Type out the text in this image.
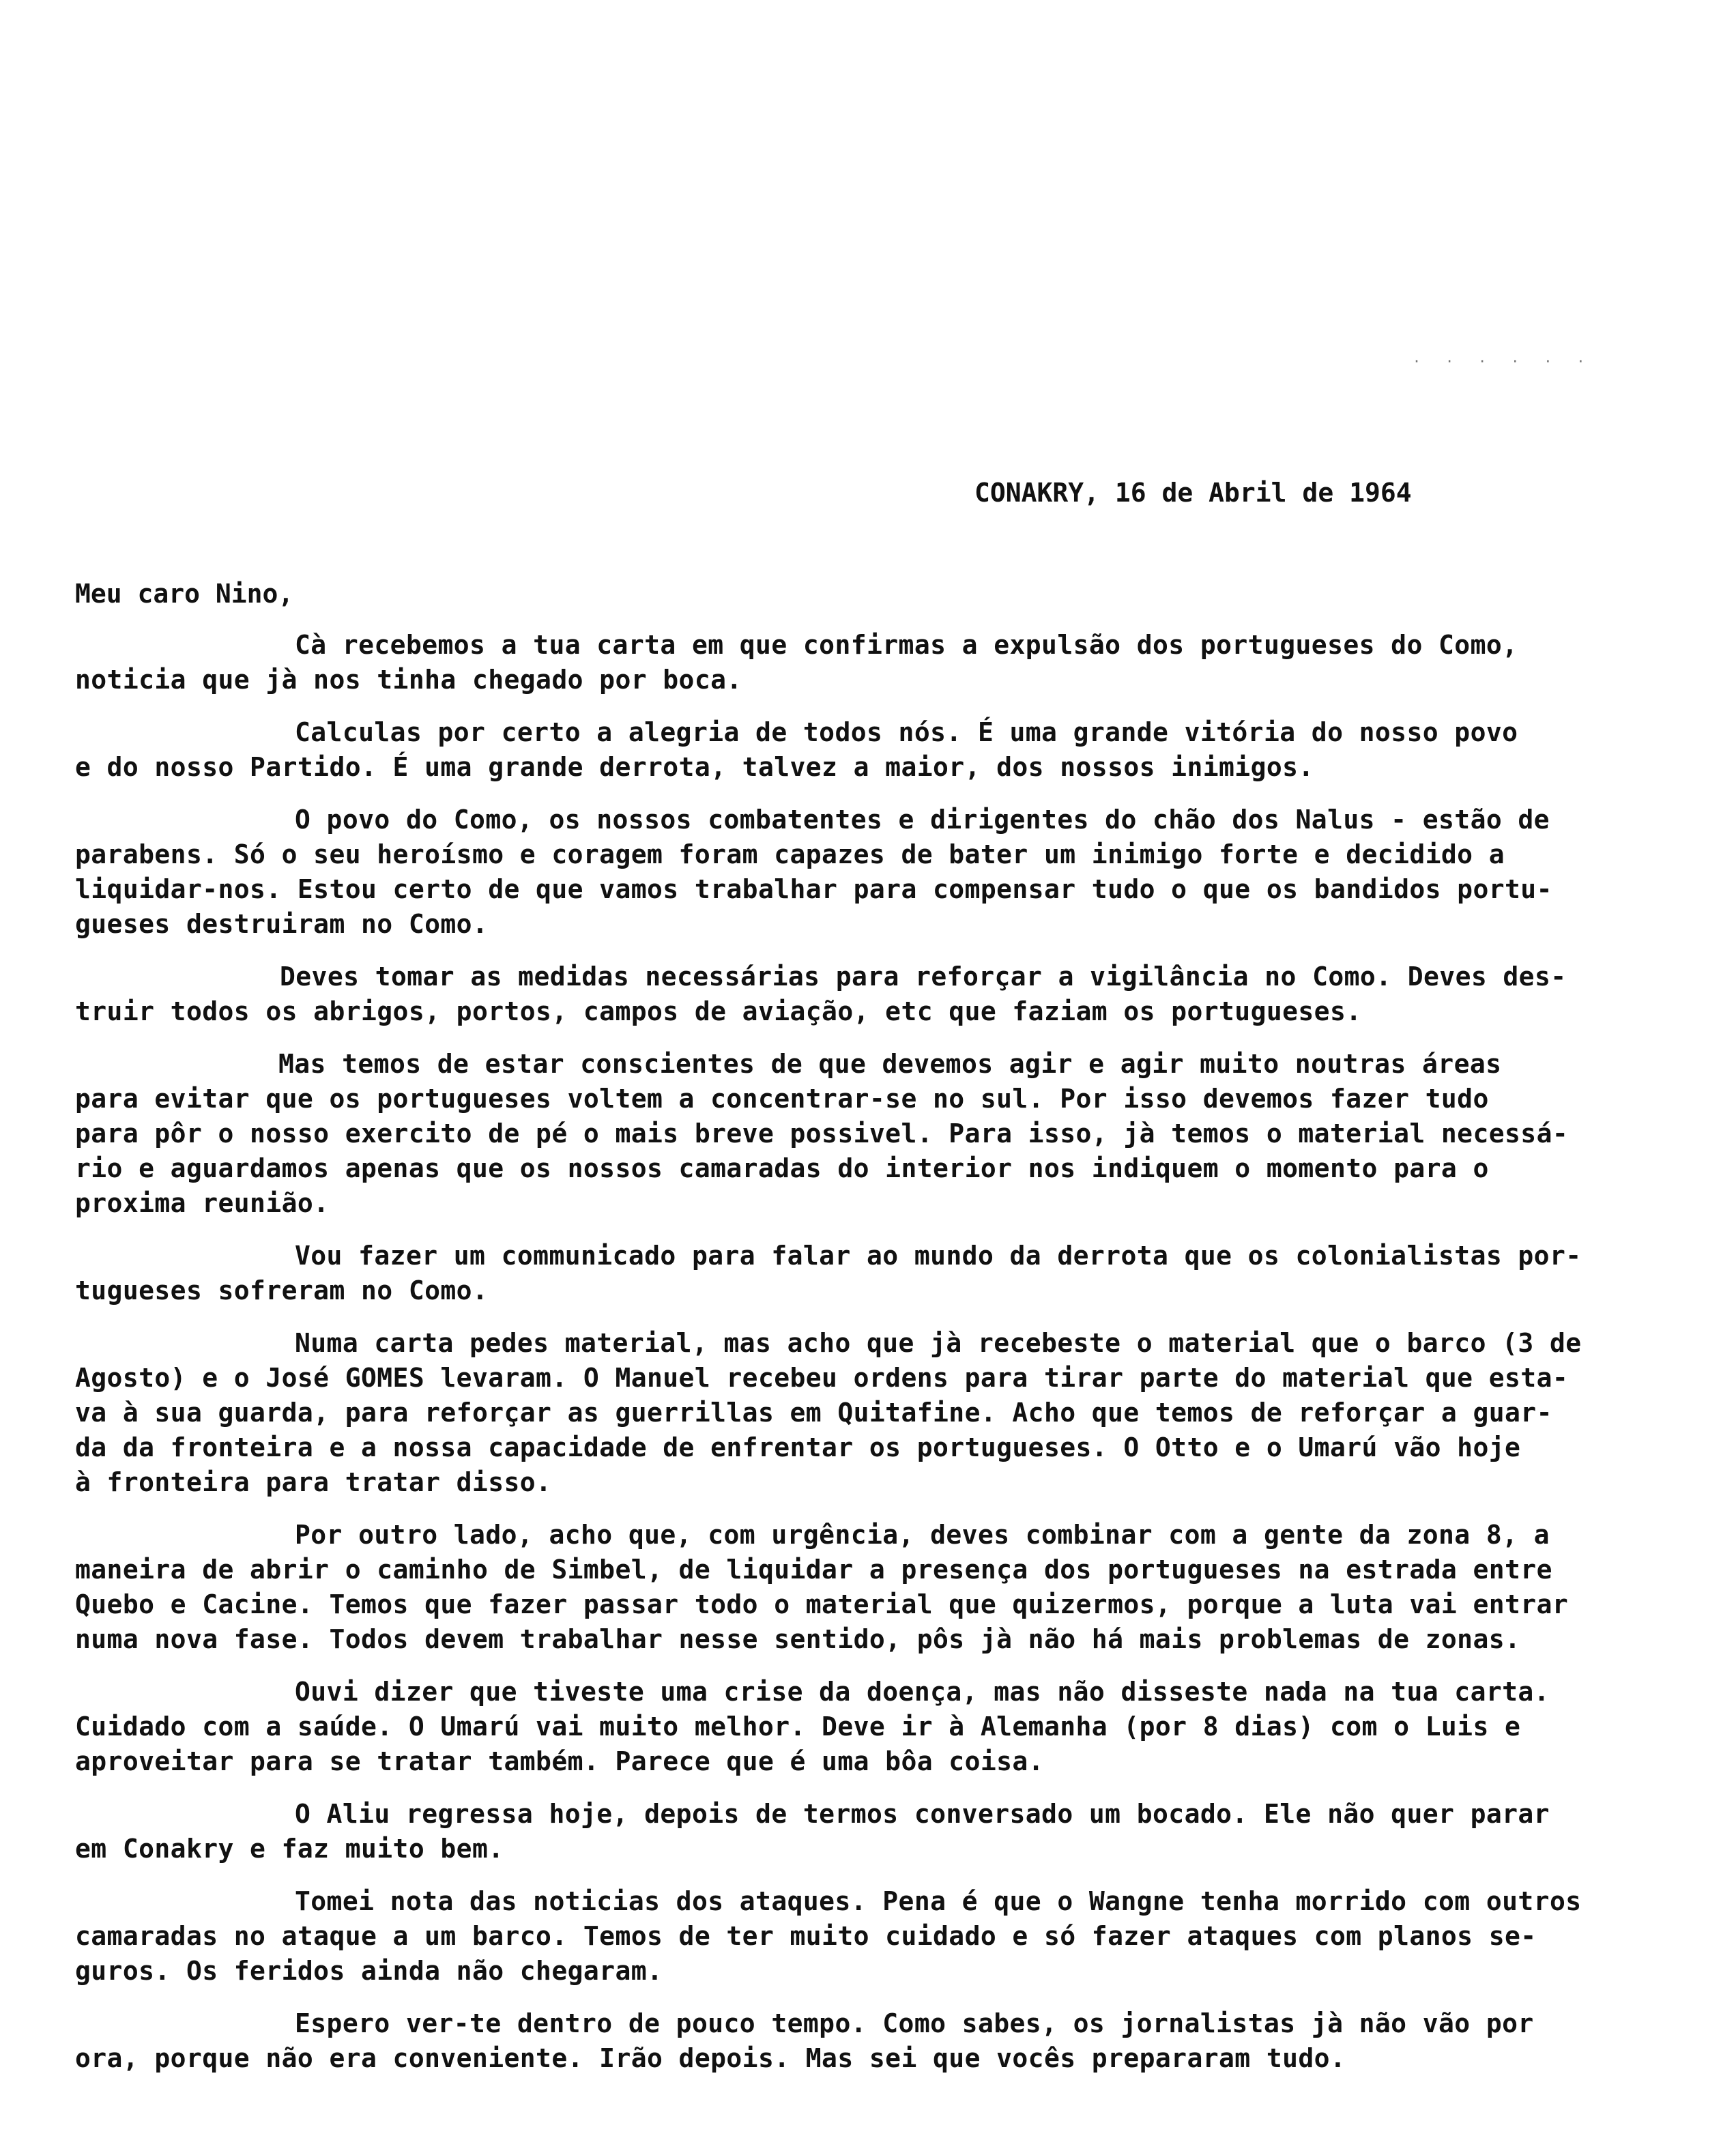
. . . . . .
CONAKRY, 16 de Abril de 1964
Meu caro Nino,
Cà recebemos a tua carta em que confirmas a expulsão dos portugueses do Como,
noticia que jà nos tinha chegado por boca.
Calculas por certo a alegria de todos nós. É uma grande vitória do nosso povo
e do nosso Partido. É uma grande derrota, talvez a maior, dos nossos inimigos.
O povo do Como, os nossos combatentes e dirigentes do chão dos Nalus - estão de
parabens. Só o seu heroísmo e coragem foram capazes de bater um inimigo forte e decidido a
liquidar-nos. Estou certo de que vamos trabalhar para compensar tudo o que os bandidos portu-
gueses destruiram no Como.
Deves tomar as medidas necessárias para reforçar a vigilância no Como. Deves des-
truir todos os abrigos, portos, campos de aviação, etc que faziam os portugueses.
Mas temos de estar conscientes de que devemos agir e agir muito noutras áreas
para evitar que os portugueses voltem a concentrar-se no sul. Por isso devemos fazer tudo
para pôr o nosso exercito de pé o mais breve possivel. Para isso, jà temos o material necessá-
rio e aguardamos apenas que os nossos camaradas do interior nos indiquem o momento para o
proxima reunião.
Vou fazer um communicado para falar ao mundo da derrota que os colonialistas por-
tugueses sofreram no Como.
Numa carta pedes material, mas acho que jà recebeste o material que o barco (3 de
Agosto) e o José GOMES levaram. O Manuel recebeu ordens para tirar parte do material que esta-
va à sua guarda, para reforçar as guerrillas em Quitafine. Acho que temos de reforçar a guar-
da da fronteira e a nossa capacidade de enfrentar os portugueses. O Otto e o Umarú vão hoje
à fronteira para tratar disso.
Por outro lado, acho que, com urgência, deves combinar com a gente da zona 8, a
maneira de abrir o caminho de Simbel, de liquidar a presença dos portugueses na estrada entre
Quebo e Cacine. Temos que fazer passar todo o material que quizermos, porque a luta vai entrar
numa nova fase. Todos devem trabalhar nesse sentido, pôs jà não há mais problemas de zonas.
Ouvi dizer que tiveste uma crise da doença, mas não disseste nada na tua carta.
Cuidado com a saúde. O Umarú vai muito melhor. Deve ir à Alemanha (por 8 dias) com o Luis e
aproveitar para se tratar também. Parece que é uma bôa coisa.
O Aliu regressa hoje, depois de termos conversado um bocado. Ele não quer parar
em Conakry e faz muito bem.
Tomei nota das noticias dos ataques. Pena é que o Wangne tenha morrido com outros
camaradas no ataque a um barco. Temos de ter muito cuidado e só fazer ataques com planos se-
guros. Os feridos ainda não chegaram.
Espero ver-te dentro de pouco tempo. Como sabes, os jornalistas jà não vão por
ora, porque não era conveniente. Irão depois. Mas sei que vocês prepararam tudo.
